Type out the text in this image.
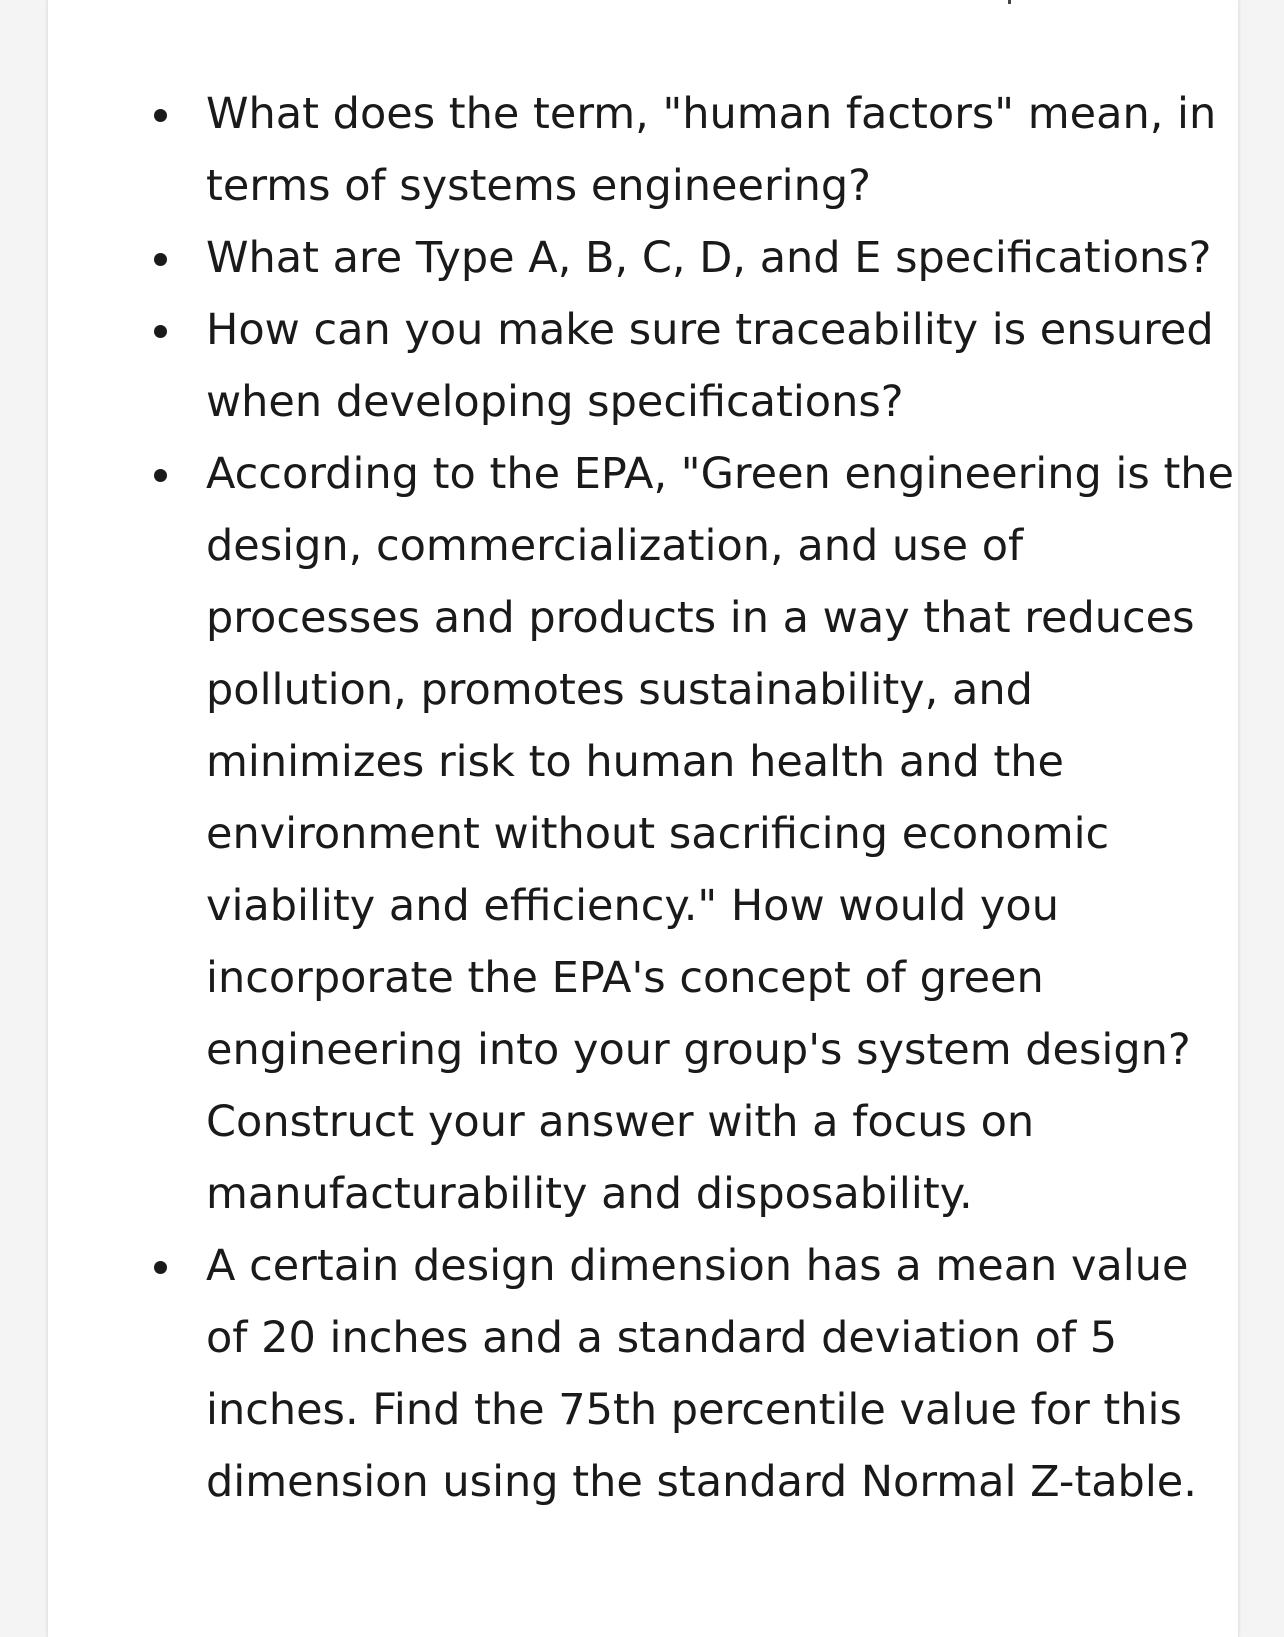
What does the term, "human factors" mean, in terms of systems engineering?
What are Type A, B, C, D, and E specifications?
How can you make sure traceability is ensured when developing specifications?
According to the EPA, "Green engineering is the design, commercialization, and use of processes and products in a way that reduces pollution, promotes sustainability, and minimizes risk to human health and the environment without sacrificing economic viability and efficiency." How would you incorporate the EPA's concept of green engineering into your group's system design? Construct your answer with a focus on manufacturability and disposability.
A certain design dimension has a mean value of 20 inches and a standard deviation of 5 inches. Find the 75th percentile value for this dimension using the standard Normal Z-table.
